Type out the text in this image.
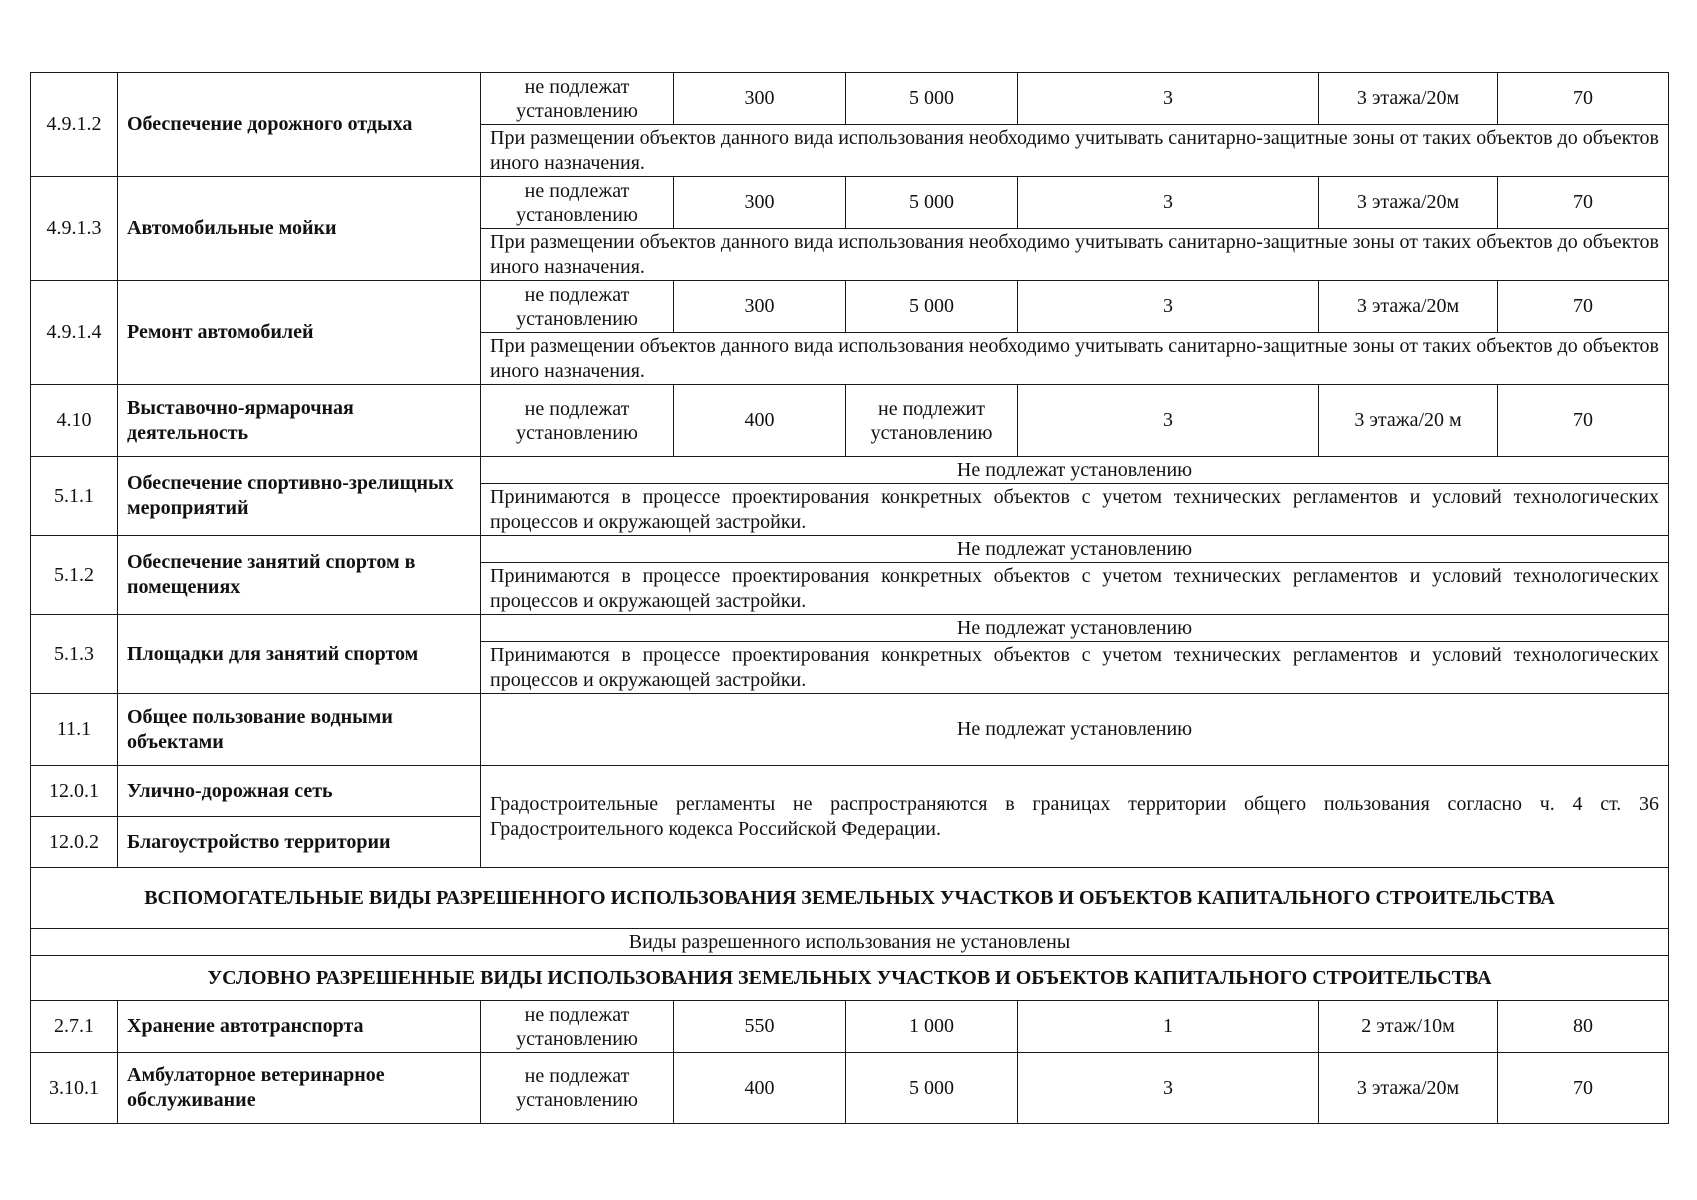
4.9.1.2	Обеспечение дорожного отдыха	не подлежат установлению	300	5 000	3	3 этажа/20м	70
		При размещении объектов данного вида использования необходимо учитывать санитарно-защитные зоны от таких объектов до объектов иного назначения.					
4.9.1.3	Автомобильные мойки	не подлежат установлению	300	5 000	3	3 этажа/20м	70
		При размещении объектов данного вида использования необходимо учитывать санитарно-защитные зоны от таких объектов до объектов иного назначения.					
4.9.1.4	Ремонт автомобилей	не подлежат установлению	300	5 000	3	3 этажа/20м	70
		При размещении объектов данного вида использования необходимо учитывать санитарно-защитные зоны от таких объектов до объектов иного назначения.					
4.10	Выставочно-ярмарочная деятельность	не подлежат установлению	400	не подлежит установлению	3	3 этажа/20 м	70
5.1.1	Обеспечение спортивно-зрелищных мероприятий	Не подлежат установлению					
		Принимаются в процессе проектирования конкретных объектов с учетом технических регламентов и условий технологических процессов и окружающей застройки.					
5.1.2	Обеспечение занятий спортом в помещениях	Не подлежат установлению					
		Принимаются в процессе проектирования конкретных объектов с учетом технических регламентов и условий технологических процессов и окружающей застройки.					
5.1.3	Площадки для занятий спортом	Не подлежат установлению					
		Принимаются в процессе проектирования конкретных объектов с учетом технических регламентов и условий технологических процессов и окружающей застройки.					
11.1	Общее пользование водными объектами	Не подлежат установлению					
12.0.1	Улично-дорожная сеть	Градостроительные регламенты не распространяются в границах территории общего пользования согласно ч. 4 ст. 36 Градостроительного кодекса Российской Федерации.					
12.0.2	Благоустройство территории						
ВСПОМОГАТЕЛЬНЫЕ ВИДЫ РАЗРЕШЕННОГО ИСПОЛЬЗОВАНИЯ ЗЕМЕЛЬНЫХ УЧАСТКОВ И ОБЪЕКТОВ КАПИТАЛЬНОГО СТРОИТЕЛЬСТВА							
Виды разрешенного использования не установлены							
УСЛОВНО РАЗРЕШЕННЫЕ ВИДЫ ИСПОЛЬЗОВАНИЯ ЗЕМЕЛЬНЫХ УЧАСТКОВ И ОБЪЕКТОВ КАПИТАЛЬНОГО СТРОИТЕЛЬСТВА							
2.7.1	Хранение автотранспорта	не подлежат установлению	550	1 000	1	2 этаж/10м	80
3.10.1	Амбулаторное ветеринарное обслуживание	не подлежат установлению	400	5 000	3	3 этажа/20м	70
